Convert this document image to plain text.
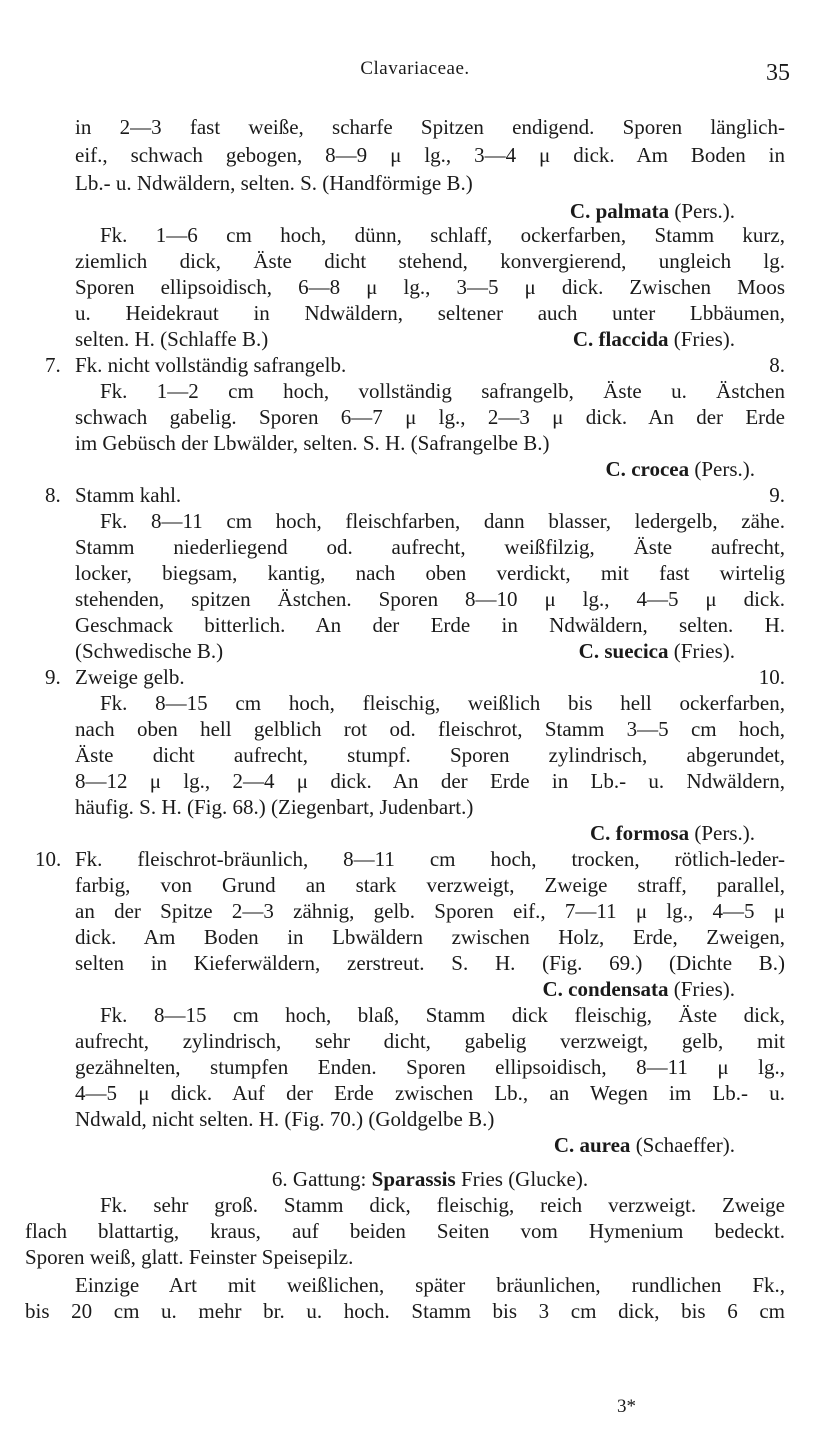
Clavariaceae.	35
in 2—3 fast weiße, scharfe Spitzen endigend. Sporen länglich-
eif., schwach gebogen, 8—9 μ lg., 3—4 μ dick. Am Boden in
Lb.- u. Ndwäldern, selten. S. (Handförmige B.)
C. palmata (Pers.).
Fk. 1—6 cm hoch, dünn, schlaff, ockerfarben, Stamm kurz,
ziemlich dick, Äste dicht stehend, konvergierend, ungleich lg.
Sporen ellipsoidisch, 6—8 μ lg., 3—5 μ dick. Zwischen Moos
u. Heidekraut in Ndwäldern, seltener auch unter Lbbäumen,
selten. H. (Schlaffe B.)	C. flaccida (Fries).
7. Fk. nicht vollständig safrangelb.	8.
Fk. 1—2 cm hoch, vollständig safrangelb, Äste u. Ästchen
schwach gabelig. Sporen 6—7 μ lg., 2—3 μ dick. An der Erde
im Gebüsch der Lbwälder, selten. S. H. (Safrangelbe B.)
C. crocea (Pers.).
8. Stamm kahl.	9.
Fk. 8—11 cm hoch, fleischfarben, dann blasser, ledergelb, zähe.
Stamm niederliegend od. aufrecht, weißfilzig, Äste aufrecht,
locker, biegsam, kantig, nach oben verdickt, mit fast wirtelig
stehenden, spitzen Ästchen. Sporen 8—10 μ lg., 4—5 μ dick.
Geschmack bitterlich. An der Erde in Ndwäldern, selten. H.
(Schwedische B.)	C. suecica (Fries).
9. Zweige gelb.	10.
Fk. 8—15 cm hoch, fleischig, weißlich bis hell ockerfarben,
nach oben hell gelblich rot od. fleischrot, Stamm 3—5 cm hoch,
Äste dicht aufrecht, stumpf. Sporen zylindrisch, abgerundet,
8—12 μ lg., 2—4 μ dick. An der Erde in Lb.- u. Ndwäldern,
häufig. S. H. (Fig. 68.) (Ziegenbart, Judenbart.)
C. formosa (Pers.).
10. Fk. fleischrot-bräunlich, 8—11 cm hoch, trocken, rötlich-leder-
farbig, von Grund an stark verzweigt, Zweige straff, parallel,
an der Spitze 2—3 zähnig, gelb. Sporen eif., 7—11 μ lg., 4—5 μ
dick. Am Boden in Lbwäldern zwischen Holz, Erde, Zweigen,
selten in Kieferwäldern, zerstreut. S. H. (Fig. 69.) (Dichte B.)
C. condensata (Fries).
Fk. 8—15 cm hoch, blaß, Stamm dick fleischig, Äste dick,
aufrecht, zylindrisch, sehr dicht, gabelig verzweigt, gelb, mit
gezähnelten, stumpfen Enden. Sporen ellipsoidisch, 8—11 μ lg.,
4—5 μ dick. Auf der Erde zwischen Lb., an Wegen im Lb.- u.
Ndwald, nicht selten. H. (Fig. 70.) (Goldgelbe B.)
C. aurea (Schaeffer).
6. Gattung: Sparassis Fries (Glucke).
Fk. sehr groß. Stamm dick, fleischig, reich verzweigt. Zweige
flach blattartig, kraus, auf beiden Seiten vom Hymenium bedeckt.
Sporen weiß, glatt. Feinster Speisepilz.
Einzige Art mit weißlichen, später bräunlichen, rundlichen Fk.,
bis 20 cm u. mehr br. u. hoch. Stamm bis 3 cm dick, bis 6 cm
3*
